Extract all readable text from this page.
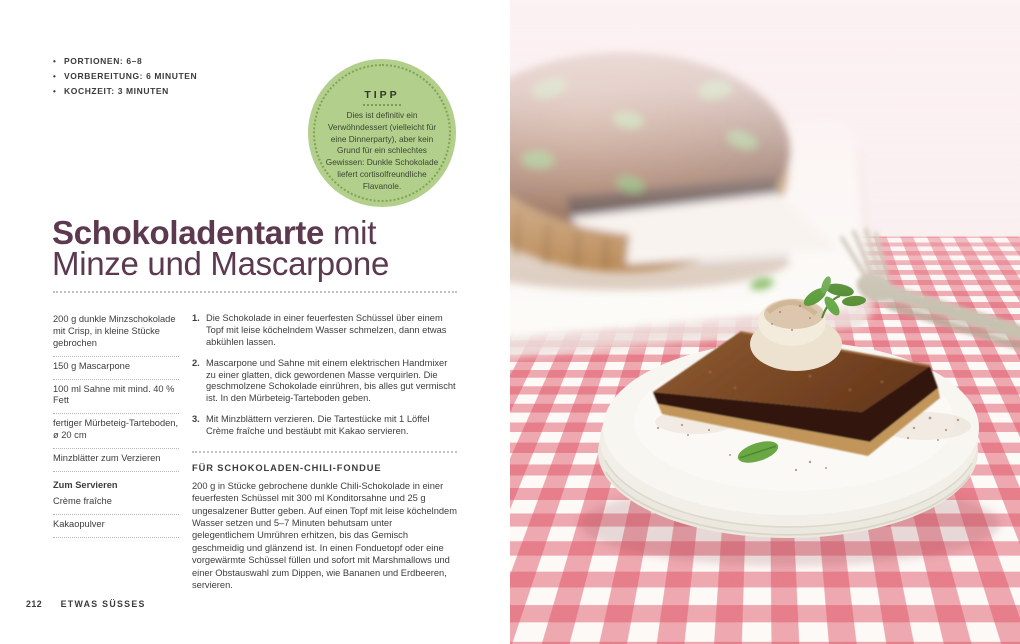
• PORTIONEN: 6–8
• VORBEREITUNG: 6 MINUTEN
• KOCHZEIT: 3 MINUTEN	TIPP
Dies ist definitiv ein Verwöhndessert (vielleicht für eine Dinnerparty), aber kein Grund für ein schlechtes Gewissen: Dunkle Schokolade liefert cortisolfreundliche Flavanole.
Schokoladentarte mit
Minze und Mascarpone
200 g dunkle Minzschokolade mit Crisp, in kleine Stücke gebrochen
150 g Mascarpone
100 ml Sahne mit mind. 40 % Fett
fertiger Mürbeteig-Tarteboden, ø 20 cm
Minzblätter zum Verzieren
Zum Servieren
Crème fraîche
Kakaopulver
1. Die Schokolade in einer feuerfesten Schüssel über einem Topf mit leise köchelndem Wasser schmelzen, dann etwas abkühlen lassen.
2. Mascarpone und Sahne mit einem elektrischen Handmixer zu einer glatten, dick gewordenen Masse verquirlen. Die geschmolzene Schokolade einrühren, bis alles gut vermischt ist. In den Mürbeteig-Tarteboden geben.
3. Mit Minzblättern verzieren. Die Tartestücke mit 1 Löffel Crème fraîche und bestäubt mit Kakao servieren.
FÜR SCHOKOLADEN-CHILI-FONDUE

200 g in Stücke gebrochene dunkle Chili-Schokolade in einer feuerfesten Schüssel mit 300 ml Konditorsahne und 25 g ungesalzener Butter geben. Auf einen Topf mit leise köchelndem Wasser setzen und 5–7 Minuten behutsam unter gelegentlichem Umrühren erhitzen, bis das Gemisch geschmeidig und glänzend ist. In einen Fonduetopf oder eine vorgewärmte Schüssel füllen und sofort mit Marshmallows und einer Obstauswahl zum Dippen, wie Bananen und Erdbeeren, servieren.

212 ETWAS SÜSSES
